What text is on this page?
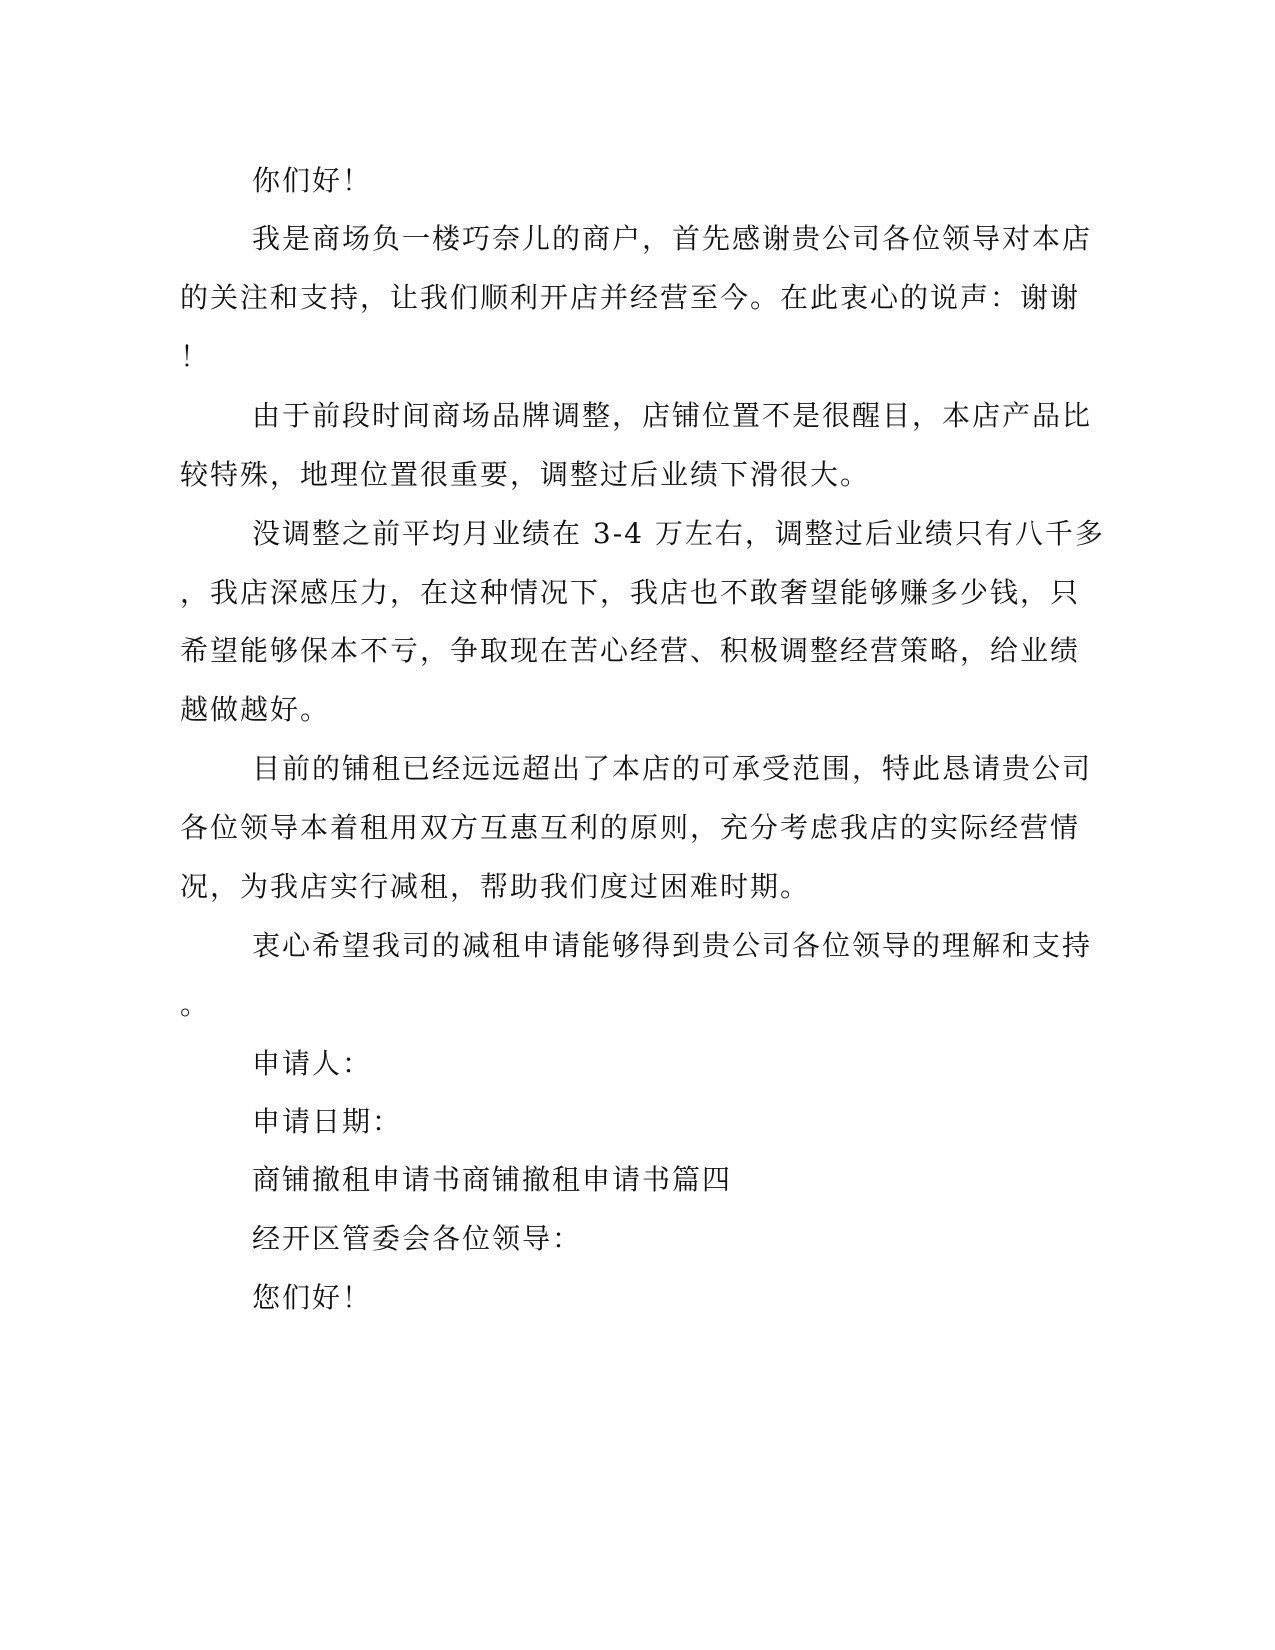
你们好！
我是商场负一楼巧奈儿的商户，首先感谢贵公司各位领导对本店
的关注和支持，让我们顺利开店并经营至今。在此衷心的说声：谢谢
！
由于前段时间商场品牌调整，店铺位置不是很醒目，本店产品比
较特殊，地理位置很重要，调整过后业绩下滑很大。
没调整之前平均月业绩在 3-4 万左右，调整过后业绩只有八千多
，我店深感压力，在这种情况下，我店也不敢奢望能够赚多少钱，只
希望能够保本不亏，争取现在苦心经营、积极调整经营策略，给业绩
越做越好。
目前的铺租已经远远超出了本店的可承受范围，特此恳请贵公司
各位领导本着租用双方互惠互利的原则，充分考虑我店的实际经营情
况，为我店实行减租，帮助我们度过困难时期。
衷心希望我司的减租申请能够得到贵公司各位领导的理解和支持
。
申请人：
申请日期：
商铺撤租申请书商铺撤租申请书篇四
经开区管委会各位领导：
您们好！
